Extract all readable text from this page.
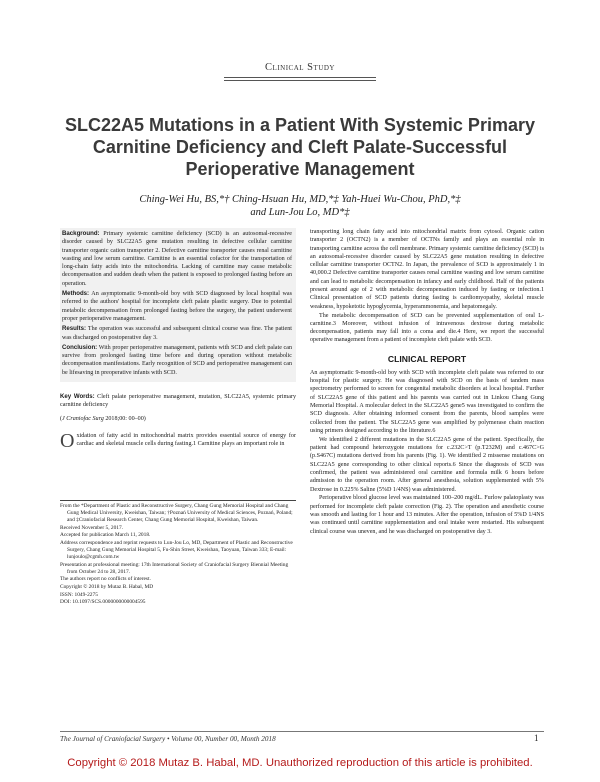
Clinical Study
SLC22A5 Mutations in a Patient With Systemic Primary Carnitine Deficiency and Cleft Palate-Successful Perioperative Management
Ching-Wei Hu, BS,*† Ching-Hsuan Hu, MD,*‡ Yah-Huei Wu-Chou, PhD,*‡
and Lun-Jou Lo, MD*‡

Background: Primary systemic carnitine deficiency (SCD) is an autosomal-recessive disorder caused by SLC22A5 gene mutation resulting in defective cellular carnitine transporter organic cation transporter 2. Defective carnitine transporter causes renal carnitine wasting and low serum carnitine. Carnitine is an essential cofactor for the transportation of long-chain fatty acids into the mitochondria. Lacking of carnitine may cause metabolic decompensation and sudden death when the patient is exposed to prolonged fasting before an operation.

Methods: An asymptomatic 9-month-old boy with SCD diagnosed by local hospital was referred to the authors' hospital for incomplete cleft palate plastic surgery. Due to potential metabolic decompensation from prolonged fasting before the surgery, the patient underwent proper perioperative management.

Results: The operation was successful and subsequent clinical course was fine. The patient was discharged on postoperative day 3.

Conclusion: With proper perioperative management, patients with SCD and cleft palate can survive from prolonged fasting time before and during operation without metabolic decompensation manifestations. Early recognition of SCD and perioperative management can be lifesaving in preoperative infants with SCD.

Key Words: Cleft palate perioperative management, mutation, SLC22A5, systemic primary carnitine deficiency

(J Craniofac Surg 2018;00: 00–00)

O xidation of fatty acid in mitochondrial matrix provides essential source of energy for cardiac and skeletal muscle cells during fasting.1 Carnitine plays an important role in

From the *Department of Plastic and Reconstructive Surgery, Chang Gung Memorial Hospital and Chang Gung Medical University, Kweishan, Taiwan; †Poznań University of Medical Sciences, Poznań, Poland; and ‡Craniofacial Research Center, Chang Gung Memorial Hospital, Kweishan, Taiwan.

Received November 5, 2017.

Accepted for publication March 11, 2018.

Address correspondence and reprint requests to Lun-Jou Lo, MD, Department of Plastic and Reconstructive Surgery, Chang Gung Memorial Hospital 5, Fu-Shin Street, Kweishan, Taoyuan, Taiwan 333; E-mail: lunjoulo@cgmh.com.tw

Presentation at professional meeting: 17th International Society of Craniofacial Surgery Biennial Meeting from October 24 to 28, 2017.

The authors report no conflicts of interest.

Copyright © 2018 by Mutaz B. Habal, MD

ISSN: 1049-2275

DOI: 10.1097/SCS.0000000000004595

transporting long chain fatty acid into mitochondrial matrix from cytosol. Organic cation transporter 2 (OCTN2) is a member of OCTNs family and plays an essential role in transporting carnitine across the cell membrane. Primary systemic carnitine deficiency (SCD) is an autosomal-recessive disorder caused by SLC22A5 gene mutation resulting in defective cellular carnitine transporter OCTN2. In Japan, the prevalence of SCD is approximately 1 in 40,000.2 Defective carnitine transporter causes renal carnitine wasting and low serum carnitine and can lead to metabolic decompensation in infancy and early childhood. Half of the patients present around age of 2 with metabolic decompensation induced by fasting or infection.1 Clinical presentation of SCD patients during fasting is cardiomyopathy, skeletal muscle weakness, hypoketotic hypoglycemia, hyperammonemia, and hepatomegaly.

The metabolic decompensation of SCD can be prevented supplementation of oral L-carnitine.3 Moreover, without infusion of intravenous dextrose during metabolic decompensation, patients may fall into a coma and die.4 Here, we report the successful operative management from a patient of incomplete cleft palate with SCD.

CLINICAL REPORT

An asymptomatic 9-month-old boy with SCD with incomplete cleft palate was referred to our hospital for plastic surgery. He was diagnosed with SCD on the basis of tandem mass spectrometry performed to screen for congenital metabolic disorders at local hospital. Further of SLC22A5 gene of this patient and his parents was carried out in Linkou Chang Gung Memorial Hospital. A molecular defect in the SLC22A5 gene5 was investigated to confirm the SCD diagnosis. After obtaining informed consent from the parents, blood samples were collected from the patient. The SLC22A5 gene was amplified by polymerase chain reaction using primers designed according to the literature.6

We identified 2 different mutations in the SLC22A5 gene of the patient. Specifically, the patient had compound heterozygote mutations for c.232C>T (p.T232M) and c.467C>G (p.S467C) mutations derived from his parents (Fig. 1). We identified 2 missense mutations on SLC22A5 gene corresponding to other clinical reports.6 Since the diagnosis of SCD was confirmed, the patient was administered oral carnitine and formula milk 6 hours before admission to the operation room. After general anesthesia, solution supplemented with 5% Dextrose in 0.225% Saline (5%D 1/4NS) was administered.

Perioperative blood glucose level was maintained 100–200 mg/dL. Furlow palatoplasty was performed for incomplete cleft palate correction (Fig. 2). The operation and anesthetic course was smooth and lasting for 1 hour and 13 minutes. After the operation, infusion of 5%D 1/4NS was continued until carnitine supplementation and oral intake were restarted. His subsequent clinical course was uneven, and he was discharged on postoperative day 3.

The Journal of Craniofacial Surgery • Volume 00, Number 00, Month 2018	1
Copyright © 2018 Mutaz B. Habal, MD. Unauthorized reproduction of this article is prohibited.
